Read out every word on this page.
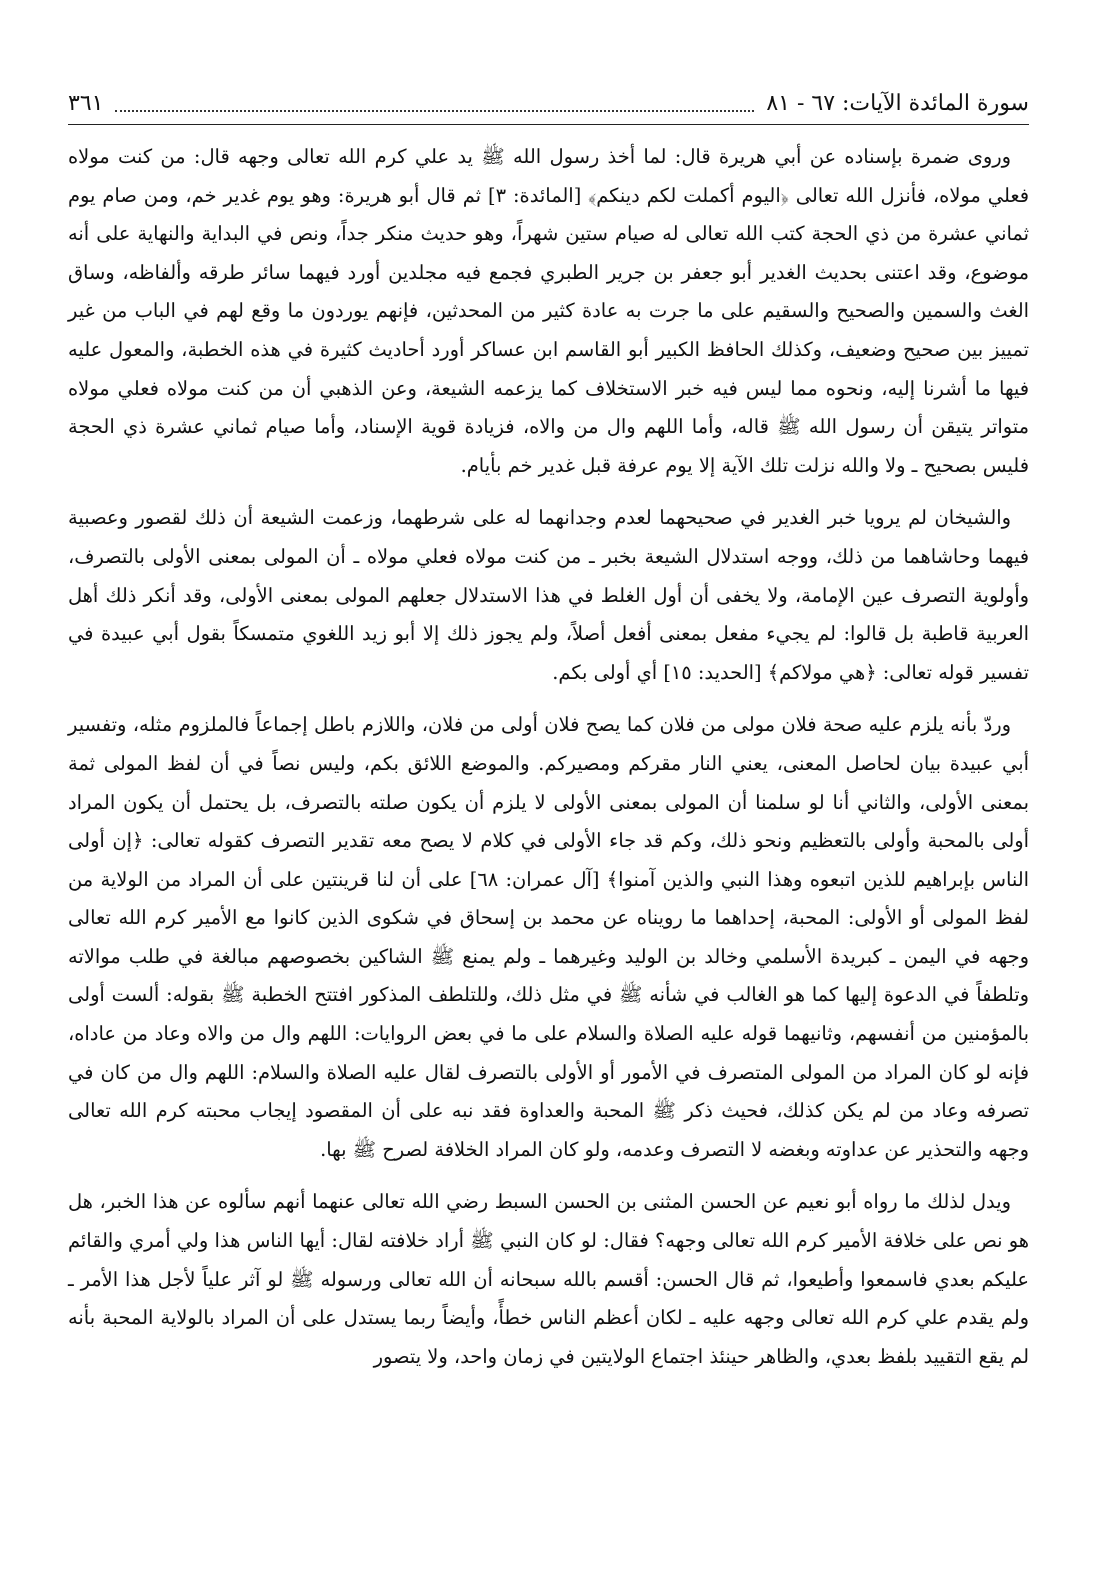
سورة المائدة الآيات: ٦٧ - ٨١
٣٦١

وروى ضمرة بإسناده عن أبي هريرة قال: لما أخذ رسول الله ﷺ يد علي كرم الله تعالى وجهه قال: من كنت مولاه فعلي مولاه، فأنزل الله تعالى ﴿اليوم أكملت لكم دينكم﴾ [المائدة: ٣] ثم قال أبو هريرة: وهو يوم غدير خم، ومن صام يوم ثماني عشرة من ذي الحجة كتب الله تعالى له صيام ستين شهراً، وهو حديث منكر جداً، ونص في البداية والنهاية على أنه موضوع، وقد اعتنى بحديث الغدير أبو جعفر بن جرير الطبري فجمع فيه مجلدين أورد فيهما سائر طرقه وألفاظه، وساق الغث والسمين والصحيح والسقيم على ما جرت به عادة كثير من المحدثين، فإنهم يوردون ما وقع لهم في الباب من غير تمييز بين صحيح وضعيف، وكذلك الحافظ الكبير أبو القاسم ابن عساكر أورد أحاديث كثيرة في هذه الخطبة، والمعول عليه فيها ما أشرنا إليه، ونحوه مما ليس فيه خبر الاستخلاف كما يزعمه الشيعة، وعن الذهبي أن من كنت مولاه فعلي مولاه متواتر يتيقن أن رسول الله ﷺ قاله، وأما اللهم وال من والاه، فزيادة قوية الإسناد، وأما صيام ثماني عشرة ذي الحجة فليس بصحيح ـ ولا والله نزلت تلك الآية إلا يوم عرفة قبل غدير خم بأيام.

والشيخان لم يرويا خبر الغدير في صحيحهما لعدم وجدانهما له على شرطهما، وزعمت الشيعة أن ذلك لقصور وعصبية فيهما وحاشاهما من ذلك، ووجه استدلال الشيعة بخبر ـ من كنت مولاه فعلي مولاه ـ أن المولى بمعنى الأولى بالتصرف، وأولوية التصرف عين الإمامة، ولا يخفى أن أول الغلط في هذا الاستدلال جعلهم المولى بمعنى الأولى، وقد أنكر ذلك أهل العربية قاطبة بل قالوا: لم يجيء مفعل بمعنى أفعل أصلاً، ولم يجوز ذلك إلا أبو زيد اللغوي متمسكاً بقول أبي عبيدة في تفسير قوله تعالى: ﴿هي مولاكم﴾ [الحديد: ١٥] أي أولى بكم.

وردّ بأنه يلزم عليه صحة فلان مولى من فلان كما يصح فلان أولى من فلان، واللازم باطل إجماعاً فالملزوم مثله، وتفسير أبي عبيدة بيان لحاصل المعنى، يعني النار مقركم ومصيركم. والموضع اللائق بكم، وليس نصاً في أن لفظ المولى ثمة بمعنى الأولى، والثاني أنا لو سلمنا أن المولى بمعنى الأولى لا يلزم أن يكون صلته بالتصرف، بل يحتمل أن يكون المراد أولى بالمحبة وأولى بالتعظيم ونحو ذلك، وكم قد جاء الأولى في كلام لا يصح معه تقدير التصرف كقوله تعالى: ﴿إن أولى الناس بإبراهيم للذين اتبعوه وهذا النبي والذين آمنوا﴾ [آل عمران: ٦٨] على أن لنا قرينتين على أن المراد من الولاية من لفظ المولى أو الأولى: المحبة، إحداهما ما رويناه عن محمد بن إسحاق في شكوى الذين كانوا مع الأمير كرم الله تعالى وجهه في اليمن ـ كبريدة الأسلمي وخالد بن الوليد وغيرهما ـ ولم يمنع ﷺ الشاكين بخصوصهم مبالغة في طلب موالاته وتلطفاً في الدعوة إليها كما هو الغالب في شأنه ﷺ في مثل ذلك، وللتلطف المذكور افتتح الخطبة ﷺ بقوله: ألست أولى بالمؤمنين من أنفسهم، وثانيهما قوله عليه الصلاة والسلام على ما في بعض الروايات: اللهم وال من والاه وعاد من عاداه، فإنه لو كان المراد من المولى المتصرف في الأمور أو الأولى بالتصرف لقال عليه الصلاة والسلام: اللهم وال من كان في تصرفه وعاد من لم يكن كذلك، فحيث ذكر ﷺ المحبة والعداوة فقد نبه على أن المقصود إيجاب محبته كرم الله تعالى وجهه والتحذير عن عداوته وبغضه لا التصرف وعدمه، ولو كان المراد الخلافة لصرح ﷺ بها.

ويدل لذلك ما رواه أبو نعيم عن الحسن المثنى بن الحسن السبط رضي الله تعالى عنهما أنهم سألوه عن هذا الخبر، هل هو نص على خلافة الأمير كرم الله تعالى وجهه؟ فقال: لو كان النبي ﷺ أراد خلافته لقال: أيها الناس هذا ولي أمري والقائم عليكم بعدي فاسمعوا وأطيعوا، ثم قال الحسن: أقسم بالله سبحانه أن الله تعالى ورسوله ﷺ لو آثر علياً لأجل هذا الأمر ـ ولم يقدم علي كرم الله تعالى وجهه عليه ـ لكان أعظم الناس خطأً، وأيضاً ربما يستدل على أن المراد بالولاية المحبة بأنه لم يقع التقييد بلفظ بعدي، والظاهر حينئذ اجتماع الولايتين في زمان واحد، ولا يتصور
